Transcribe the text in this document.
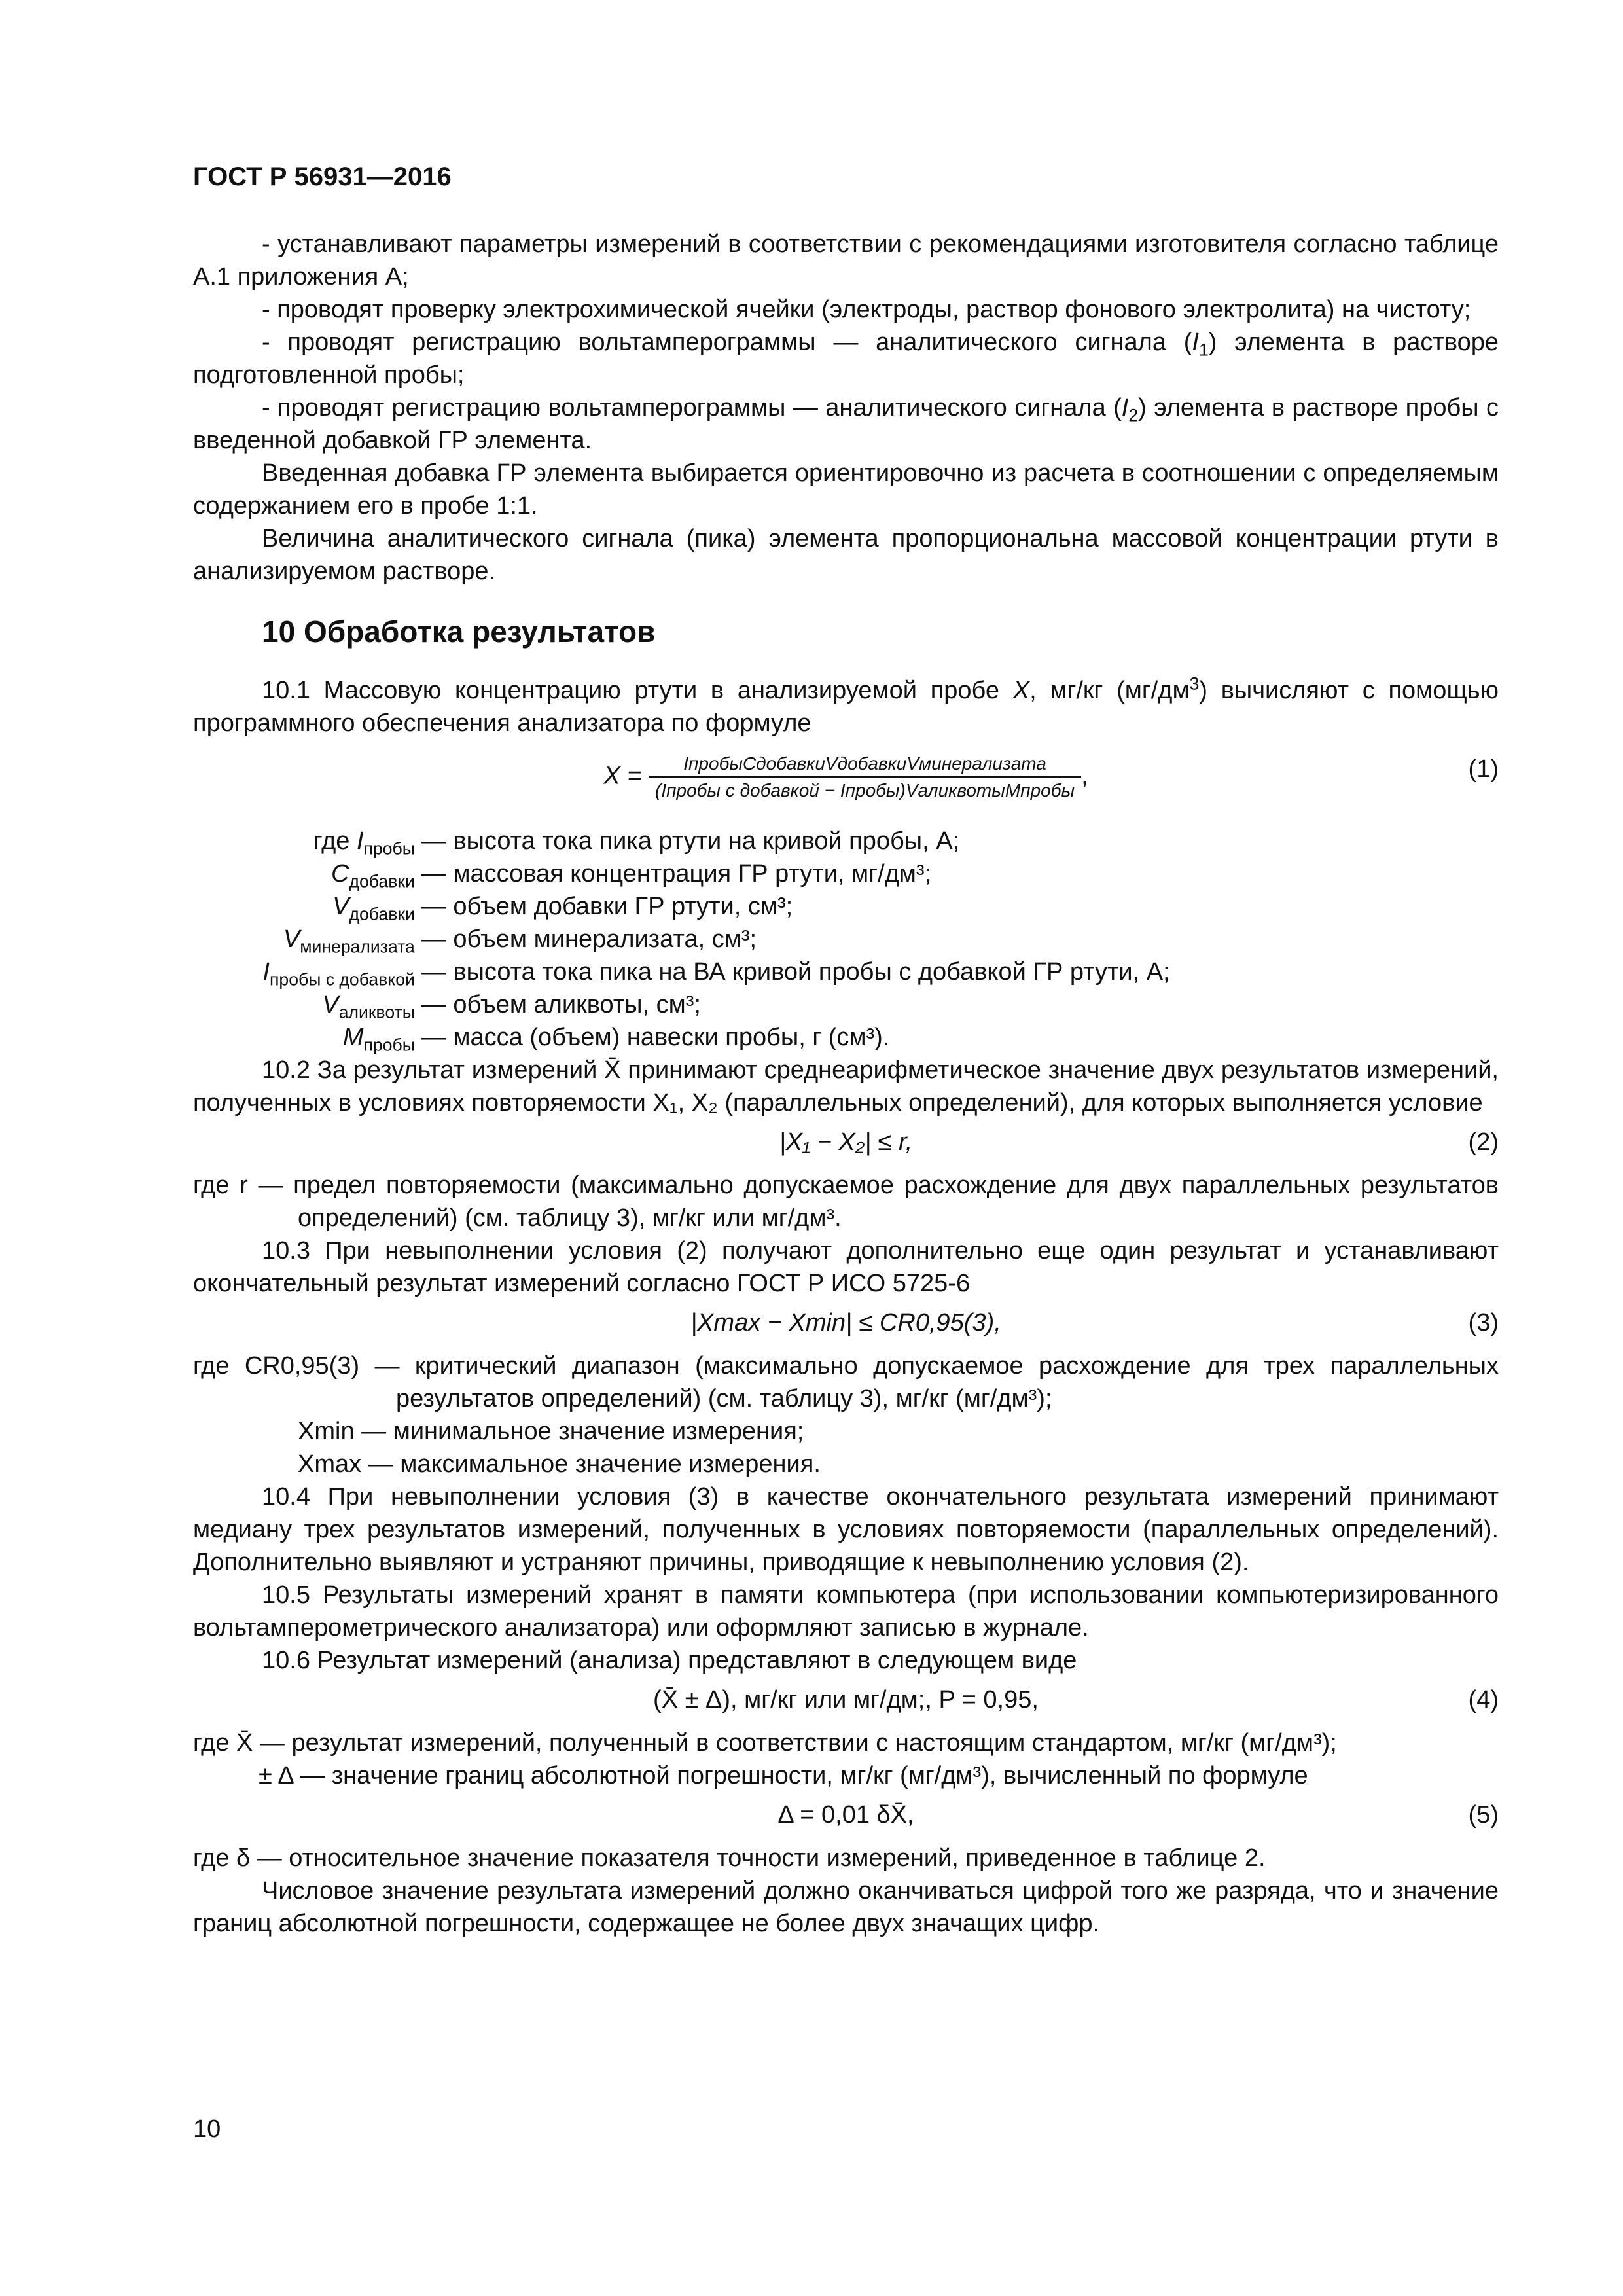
ГОСТ Р 56931—2016

- устанавливают параметры измерений в соответствии с рекомендациями изготовителя согласно таблице А.1 приложения А;

- проводят проверку электрохимической ячейки (электроды, раствор фонового электролита) на чистоту;

- проводят регистрацию вольтамперограммы — аналитического сигнала $(I_1)$ элемента в растворе подготовленной пробы;

- проводят регистрацию вольтамперограммы — аналитического сигнала $(I_2)$ элемента в растворе пробы с введенной добавкой ГР элемента.

Введенная добавка ГР элемента выбирается ориентировочно из расчета в соотношении с определяемым содержанием его в пробе 1:1.

Величина аналитического сигнала (пика) элемента пропорциональна массовой концентрации ртути в анализируемом растворе.

10 Обработка результатов

10.1 Массовую концентрацию ртути в анализируемой пробе X, мг/кг $(мг/дм^3)$ вычисляют с помощью программного обеспечения анализатора по формуле

$X = \frac{\text{IпробыCдобавкиVдобавкиVминерализата}}{\text{(Iпробы с добавкой − Iпробы)VаликвотыMпробы}}$ ,	(1)
где $I_{пробы}$	— высота тока пика ртути на кривой пробы, А;
$C_{добавки}$	— массовая концентрация ГР ртути, мг/дм³;
$V_{добавки}$	— объем добавки ГР ртути, см³;
$V_{минерализата}$	— объем минерализата, см³;
$I_{пробы с добавкой}$	— высота тока пика на ВА кривой пробы с добавкой ГР ртути, А;
$V_{аликвоты}$	— объем аликвоты, см³;
$M_{пробы}$	— масса (объем) навески пробы, г (см³).

10.2 За результат измерений X̄ принимают среднеарифметическое значение двух результатов измерений, полученных в условиях повторяемости X₁, X₂ (параллельных определений), для которых выполняется условие

|X₁ − X₂| ≤ r,	(2)

где r — предел повторяемости (максимально допускаемое расхождение для двух параллельных результатов определений) (см. таблицу 3), мг/кг или мг/дм³.

10.3 При невыполнении условия (2) получают дополнительно еще один результат и устанавливают окончательный результат измерений согласно ГОСТ Р ИСО 5725-6

|Xmax − Xmin| ≤ CR0,95(3),	(3)

где CR0,95(3) — критический диапазон (максимально допускаемое расхождение для трех параллельных результатов определений) (см. таблицу 3), мг/кг (мг/дм³);

Xmin — минимальное значение измерения;

Xmax — максимальное значение измерения.

10.4 При невыполнении условия (3) в качестве окончательного результата измерений принимают медиану трех результатов измерений, полученных в условиях повторяемости (параллельных определений). Дополнительно выявляют и устраняют причины, приводящие к невыполнению условия (2).

10.5 Результаты измерений хранят в памяти компьютера (при использовании компьютеризированного вольтамперометрического анализатора) или оформляют записью в журнале.

10.6 Результат измерений (анализа) представляют в следующем виде

(X̄ ± Δ), мг/кг или мг/дм;, P = 0,95,	(4)

где X̄ — результат измерений, полученный в соответствии с настоящим стандартом, мг/кг (мг/дм³);

± Δ — значение границ абсолютной погрешности, мг/кг (мг/дм³), вычисленный по формуле

Δ = 0,01 δX̄,	(5)

где δ — относительное значение показателя точности измерений, приведенное в таблице 2.

Числовое значение результата измерений должно оканчиваться цифрой того же разряда, что и значение границ абсолютной погрешности, содержащее не более двух значащих цифр.

10
